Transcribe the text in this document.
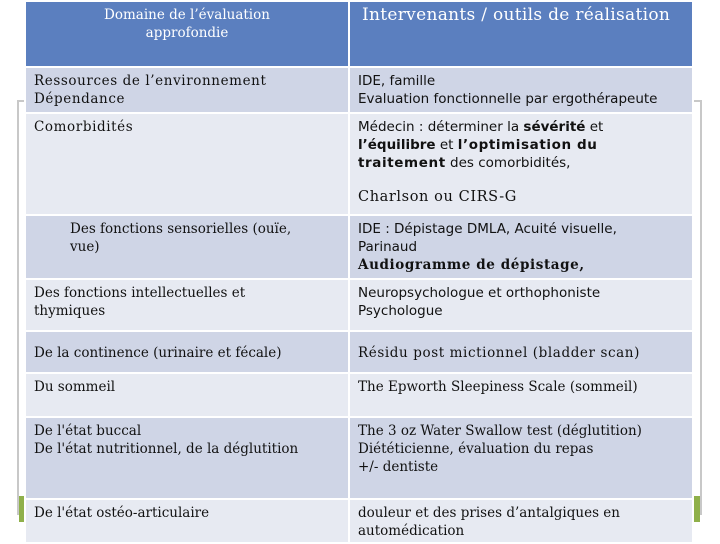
Domaine de l’évaluation
approfondie	Intervenants / outils de réalisation

Ressources de l’environnement
Dépendance	IDE, famille
Evaluation fonctionnelle par ergothérapeute

Comorbidités	Médecin : déterminer la sévérité et
l’équilibre et l’optimisation du
traitement des comorbidités,
Charlson ou CIRS-G

Des fonctions sensorielles (ouïe,
vue)	IDE : Dépistage DMLA, Acuité visuelle,
Parinaud
Audiogramme de dépistage,

Des fonctions intellectuelles et
thymiques	Neuropsychologue et orthophoniste
Psychologue

De la continence (urinaire et fécale)	Résidu post mictionnel (bladder scan)

Du sommeil	The Epworth Sleepiness Scale (sommeil)

De l'état buccal
De l'état nutritionnel, de la déglutition	The 3 oz Water Swallow test (déglutition)
Diététicienne, évaluation du repas
+/- dentiste

De l'état ostéo-articulaire	douleur et des prises d’antalgiques en
automédication
